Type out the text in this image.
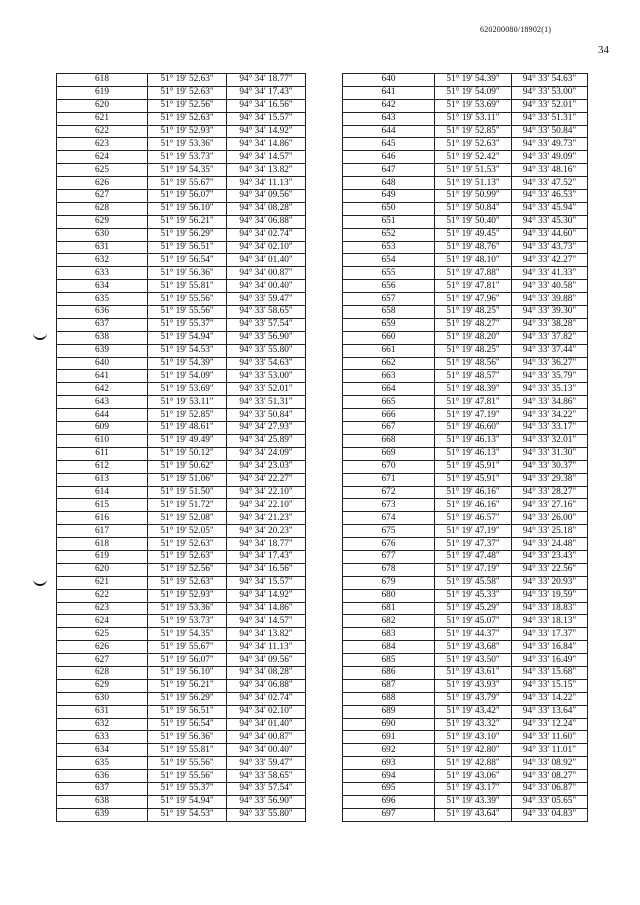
620200080/18902(1)
34
618	51° 19' 52.63"	94° 34' 18.77"
619	51° 19' 52.63"	94° 34' 17.43"
620	51° 19' 52.56"	94° 34' 16.56"
621	51° 19' 52.63"	94° 34' 15.57"
622	51° 19' 52.93"	94° 34' 14.92"
623	51° 19' 53.36"	94° 34' 14.86"
624	51° 19' 53.73"	94° 34' 14.57"
625	51° 19' 54.35"	94° 34' 13.82"
626	51° 19' 55.67"	94° 34' 11.13"
627	51° 19' 56.07"	94° 34' 09.56"
628	51° 19' 56.10"	94° 34' 08.28"
629	51° 19' 56.21"	94° 34' 06.88"
630	51° 19' 56.29"	94° 34' 02.74"
631	51° 19' 56.51"	94° 34' 02.10"
632	51° 19' 56.54"	94° 34' 01.40"
633	51° 19' 56.36"	94° 34' 00.87"
634	51° 19' 55.81"	94° 34' 00.40"
635	51° 19' 55.56"	94° 33' 59.47"
636	51° 19' 55.56"	94° 33' 58.65"
637	51° 19' 55.37"	94° 33' 57.54"
638	51° 19' 54.94"	94° 33' 56.90"
639	51° 19' 54.53"	94° 33' 55.80"
640	51° 19' 54.39"	94° 33' 54.63"
641	51° 19' 54.09"	94° 33' 53.00"
642	51° 19' 53.69"	94° 33' 52.01"
643	51° 19' 53.11"	94° 33' 51.31"
644	51° 19' 52.85"	94° 33' 50.84"
609	51° 19' 48.61"	94° 34' 27.93"
610	51° 19' 49.49"	94° 34' 25.89"
611	51° 19' 50.12"	94° 34' 24.09"
612	51° 19' 50.62"	94° 34' 23.03"
613	51° 19' 51.06"	94° 34' 22.27"
614	51° 19' 51.50"	94° 34' 22.10"
615	51° 19' 51.72"	94° 34' 22.10"
616	51° 19' 52.08"	94° 34' 21.23"
617	51° 19' 52.05"	94° 34' 20.23"
618	51° 19' 52.63"	94° 34' 18.77"
619	51° 19' 52.63"	94° 34' 17.43"
620	51° 19' 52.56"	94° 34' 16.56"
621	51° 19' 52.63"	94° 34' 15.57"
622	51° 19' 52.93"	94° 34' 14.92"
623	51° 19' 53.36"	94° 34' 14.86"
624	51° 19' 53.73"	94° 34' 14.57"
625	51° 19' 54.35"	94° 34' 13.82"
626	51° 19' 55.67"	94° 34' 11.13"
627	51° 19' 56.07"	94° 34' 09.56"
628	51° 19' 56.10"	94° 34' 08.28"
629	51° 19' 56.21"	94° 34' 06.88"
630	51° 19' 56.29"	94° 34' 02.74"
631	51° 19' 56.51"	94° 34' 02.10"
632	51° 19' 56.54"	94° 34' 01.40"
633	51° 19' 56.36"	94° 34' 00.87"
634	51° 19' 55.81"	94° 34' 00.40"
635	51° 19' 55.56"	94° 33' 59.47"
636	51° 19' 55.56"	94° 33' 58.65"
637	51° 19' 55.37"	94° 33' 57.54"
638	51° 19' 54.94"	94° 33' 56.90"
639	51° 19' 54.53"	94° 33' 55.80"
640	51° 19' 54.39"	94° 33' 54.63"
641	51° 19' 54.09"	94° 33' 53.00"
642	51° 19' 53.69"	94° 33' 52.01"
643	51° 19' 53.11"	94° 33' 51.31"
644	51° 19' 52.85"	94° 33' 50.84"
645	51° 19' 52.63"	94° 33' 49.73"
646	51° 19' 52.42"	94° 33' 49.09"
647	51° 19' 51.53"	94° 33' 48.16"
648	51° 19' 51.13"	94° 33' 47.52"
649	51° 19' 50.99"	94° 33' 46.53"
650	51° 19' 50.84"	94° 33' 45.94"
651	51° 19' 50.40"	94° 33' 45.30"
652	51° 19' 49.45"	94° 33' 44.60"
653	51° 19' 48.76"	94° 33' 43.73"
654	51° 19' 48.10"	94° 33' 42.27"
655	51° 19' 47.88"	94° 33' 41.33"
656	51° 19' 47.81"	94° 33' 40.58"
657	51° 19' 47.96"	94° 33' 39.88"
658	51° 19' 48.25"	94° 33' 39.30"
659	51° 19' 48.27"	94° 33' 38.28"
660	51° 19' 48.20"	94° 33' 37.82"
661	51° 19' 48.25"	94° 33' 37.44"
662	51° 19' 48.56"	94° 33' 36.27"
663	51° 19' 48.57"	94° 33' 35.79"
664	51° 19' 48.39"	94° 33' 35.13"
665	51° 19' 47.81"	94° 33' 34.86"
666	51° 19' 47.19"	94° 33' 34.22"
667	51° 19' 46.60"	94° 33' 33.17"
668	51° 19' 46.13"	94° 33' 32.01"
669	51° 19' 46.13"	94° 33' 31.30"
670	51° 19' 45.91"	94° 33' 30.37"
671	51° 19' 45.91"	94° 33' 29.38"
672	51° 19' 46.16"	94° 33' 28.27"
673	51° 19' 46.16"	94° 33' 27.16"
674	51° 19' 46.57"	94° 33' 26.00"
675	51° 19' 47.19"	94° 33' 25.18"
676	51° 19' 47.37"	94° 33' 24.48"
677	51° 19' 47.48"	94° 33' 23.43"
678	51° 19' 47.19"	94° 33' 22.56"
679	51° 19' 45.58"	94° 33' 20.93"
680	51° 19' 45.33"	94° 33' 19.59"
681	51° 19' 45.29"	94° 33' 18.83"
682	51° 19' 45.07"	94° 33' 18.13"
683	51° 19' 44.37"	94° 33' 17.37"
684	51° 19' 43.68"	94° 33' 16.84"
685	51° 19' 43.50"	94° 33' 16.49"
686	51° 19' 43.61"	94° 33' 15.68"
687	51° 19' 43.93"	94° 33' 15.15"
688	51° 19' 43.79"	94° 33' 14.22"
689	51° 19' 43.42"	94° 33' 13.64"
690	51° 19' 43.32"	94° 33' 12.24"
691	51° 19' 43.10"	94° 33' 11.60"
692	51° 19' 42.80"	94° 33' 11.01"
693	51° 19' 42.88"	94° 33' 08.92"
694	51° 19' 43.06"	94° 33' 08.27"
695	51° 19' 43.17"	94° 33' 06.87"
696	51° 19' 43.39"	94° 33' 05.65"
697	51° 19' 43.64"	94° 33' 04.83"
